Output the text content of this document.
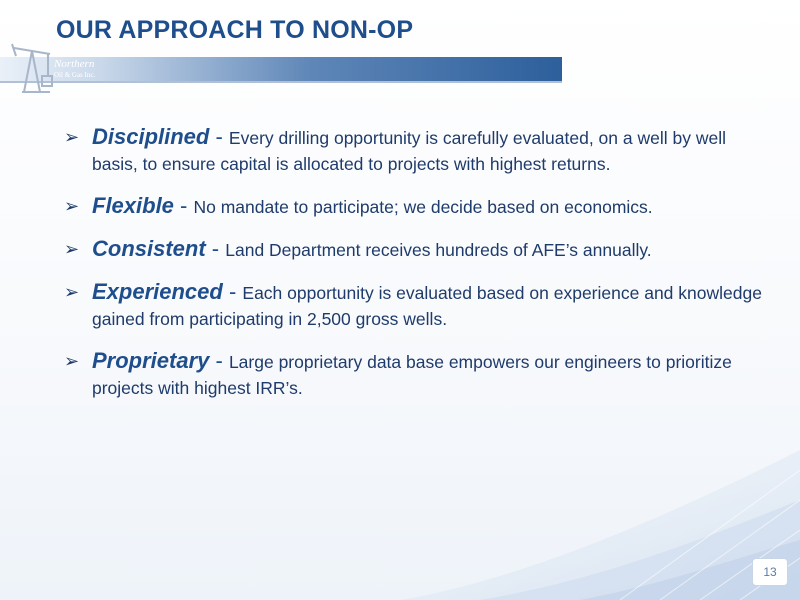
OUR APPROACH TO NON-OP
Northern
Oil & Gas Inc.
➢ Disciplined - Every drilling opportunity is carefully evaluated, on a well by well basis, to ensure capital is allocated to projects with highest returns.
➢ Flexible - No mandate to participate; we decide based on economics.
➢ Consistent - Land Department receives hundreds of AFE’s annually.
➢ Experienced - Each opportunity is evaluated based on experience and knowledge gained from participating in 2,500 gross wells.
➢ Proprietary - Large proprietary data base empowers our engineers to prioritize projects with highest IRR’s.
13
